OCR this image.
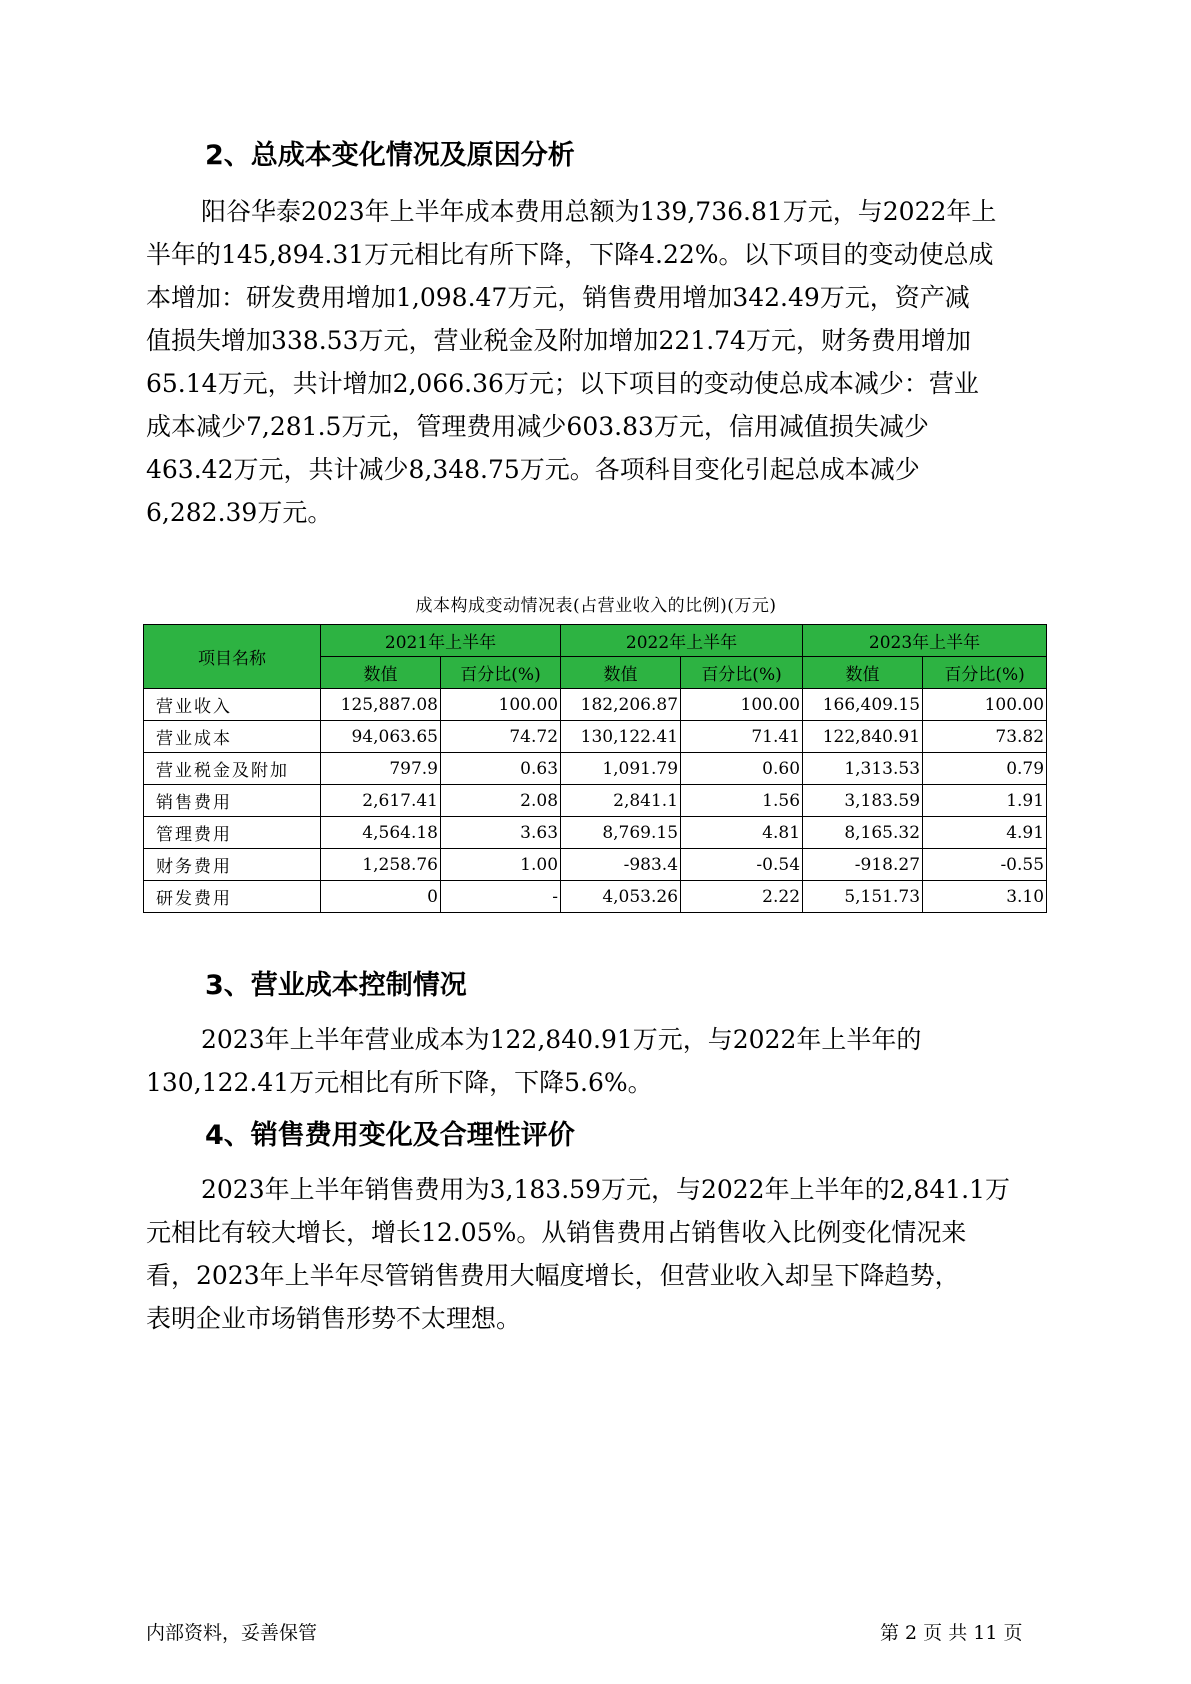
2、总成本变化情况及原因分析
阳谷华泰2023年上半年成本费用总额为139,736.81万元，与2022年上
半年的145,894.31万元相比有所下降，下降4.22%。以下项目的变动使总成
本增加：研发费用增加1,098.47万元，销售费用增加342.49万元，资产减
值损失增加338.53万元，营业税金及附加增加221.74万元，财务费用增加
65.14万元，共计增加2,066.36万元；以下项目的变动使总成本减少：营业
成本减少7,281.5万元，管理费用减少603.83万元，信用减值损失减少
463.42万元，共计减少8,348.75万元。各项科目变化引起总成本减少
6,282.39万元。
成本构成变动情况表(占营业收入的比例)(万元)
项目名称	2021年上半年		2022年上半年		2023年上半年	
	数值	百分比(%)	数值	百分比(%)	数值	百分比(%)
营业收入	125,887.08	100.00	182,206.87	100.00	166,409.15	100.00
营业成本	94,063.65	74.72	130,122.41	71.41	122,840.91	73.82
营业税金及附加	797.9	0.63	1,091.79	0.60	1,313.53	0.79
销售费用	2,617.41	2.08	2,841.1	1.56	3,183.59	1.91
管理费用	4,564.18	3.63	8,769.15	4.81	8,165.32	4.91
财务费用	1,258.76	1.00	-983.4	-0.54	-918.27	-0.55
研发费用	0	-	4,053.26	2.22	5,151.73	3.10
3、营业成本控制情况
2023年上半年营业成本为122,840.91万元，与2022年上半年的
130,122.41万元相比有所下降，下降5.6%。
4、销售费用变化及合理性评价
2023年上半年销售费用为3,183.59万元，与2022年上半年的2,841.1万
元相比有较大增长，增长12.05%。从销售费用占销售收入比例变化情况来
看，2023年上半年尽管销售费用大幅度增长，但营业收入却呈下降趋势，
表明企业市场销售形势不太理想。
内部资料，妥善保管	第 2 页 共 11 页
